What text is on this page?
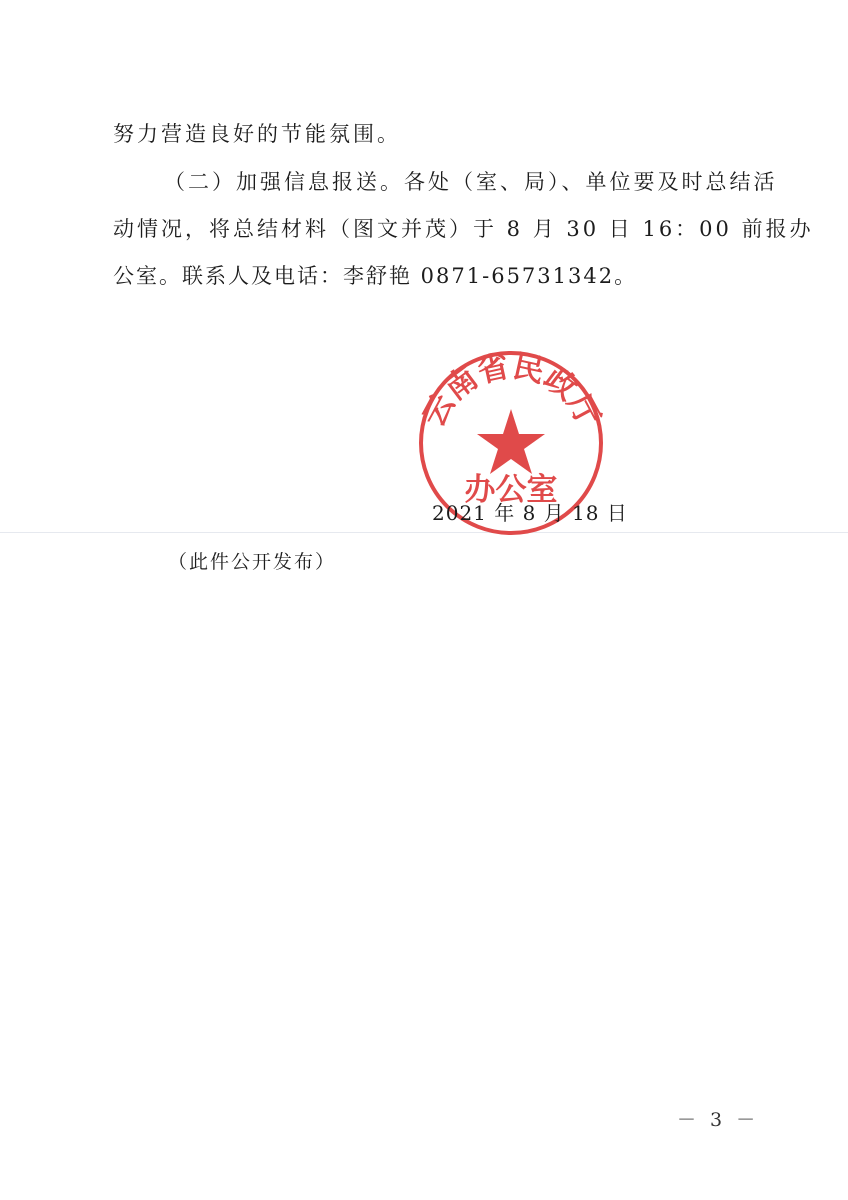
努力营造良好的节能氛围。
（二）加强信息报送。各处（室、局）、单位要及时总结活
动情况，将总结材料（图文并茂）于 8 月 30 日 16：00 前报办
公室。联系人及电话：李舒艳 0871-65731342。
云南省民政厅
办公室
2021 年 8 月 18 日
（此件公开发布）
－ 3 －
